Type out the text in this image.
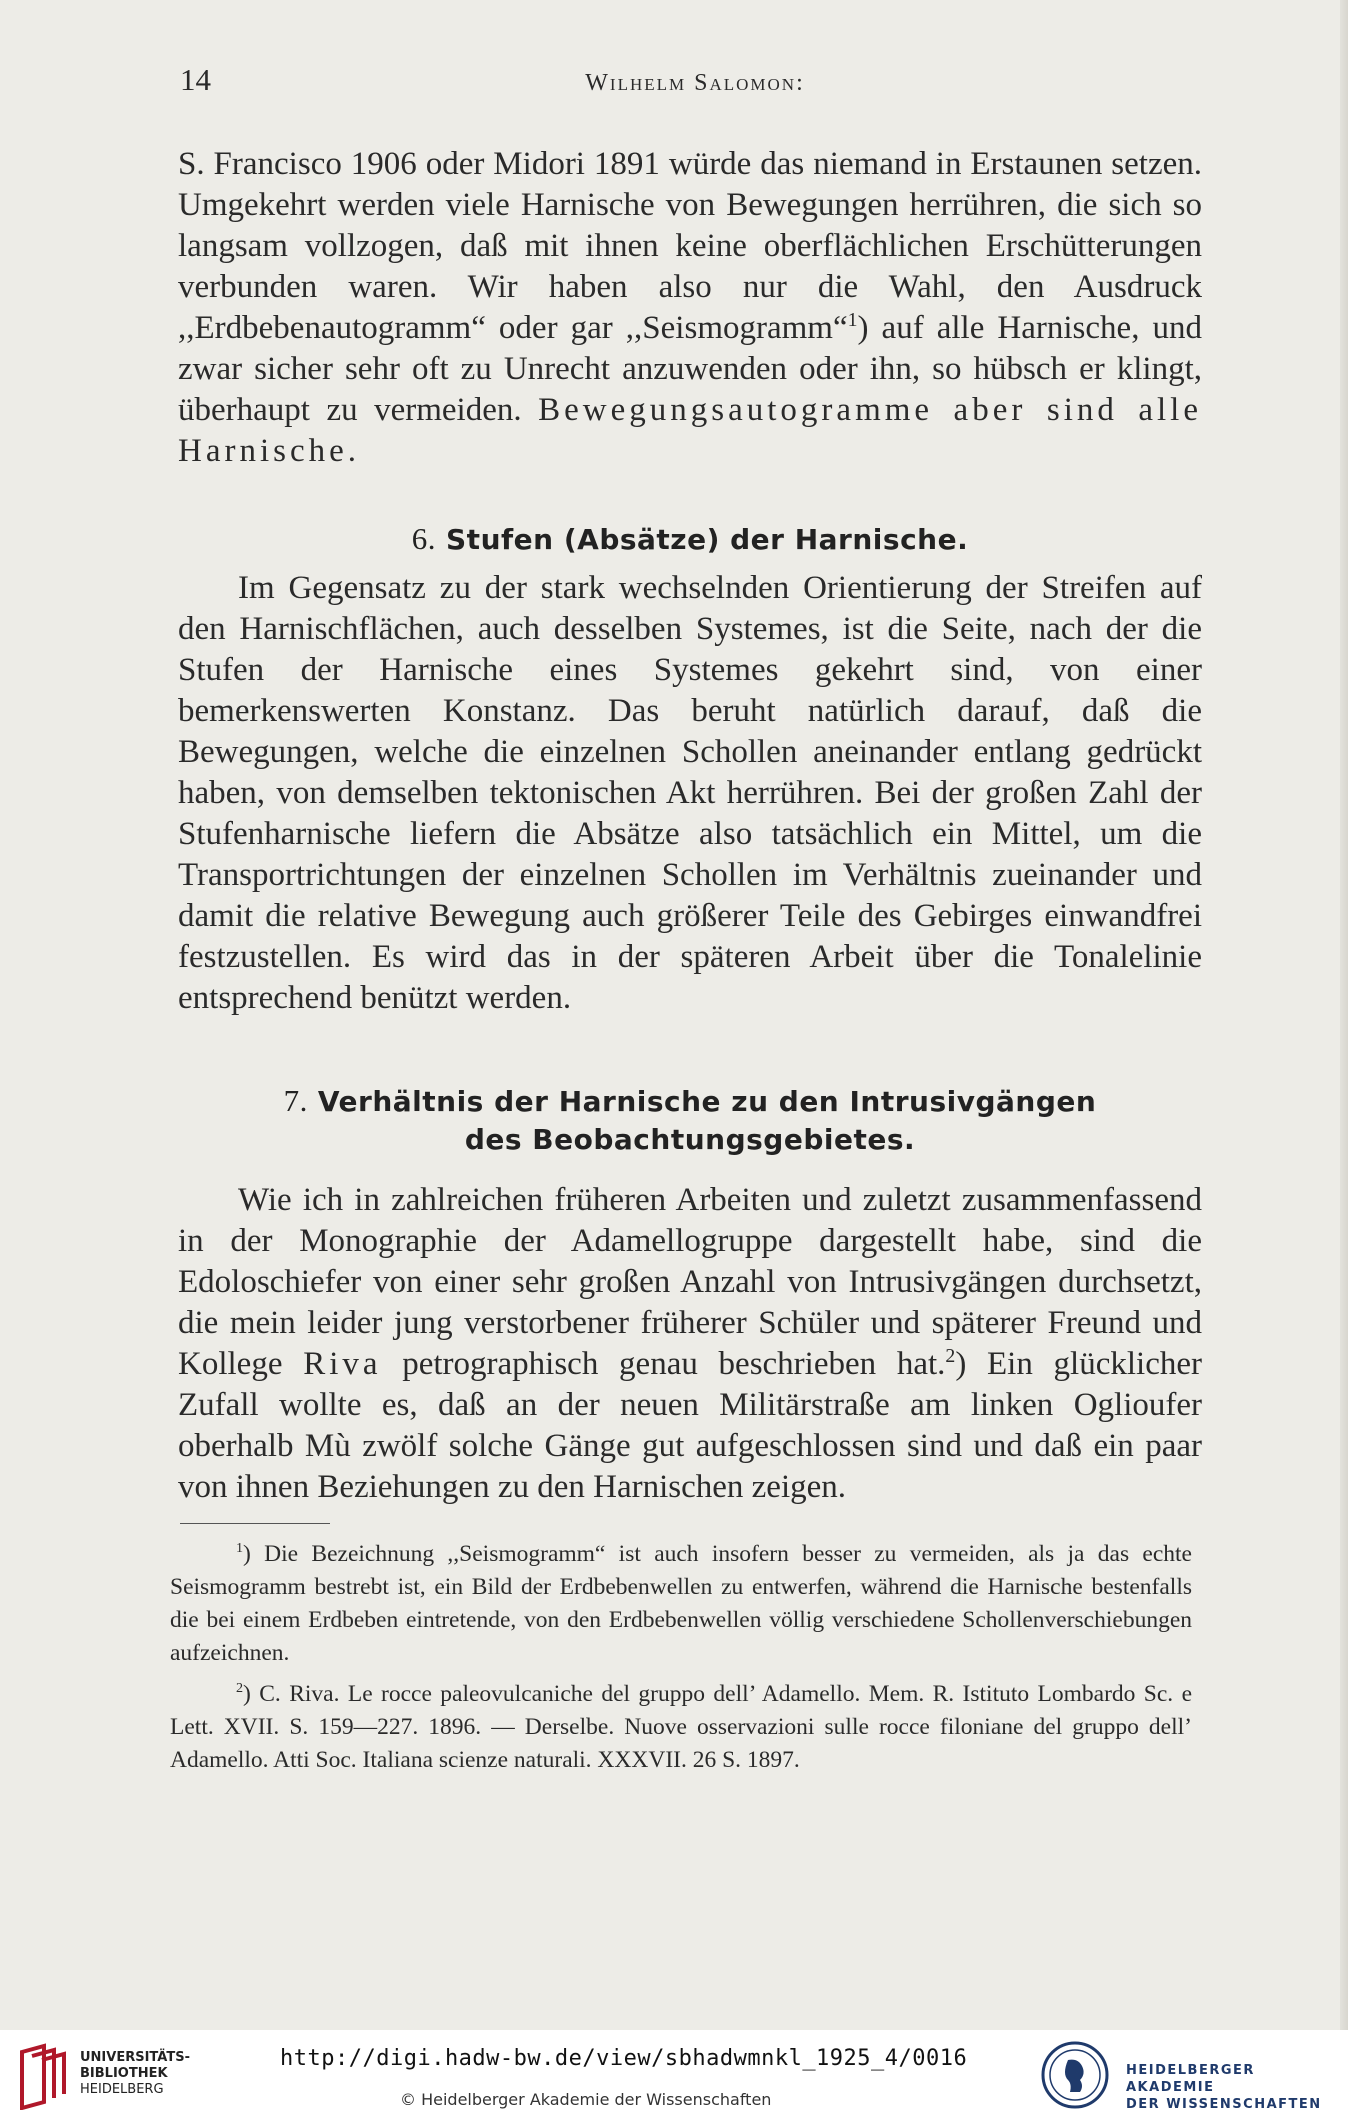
14	Wilhelm Salomon:
S. Francisco 1906 oder Midori 1891 würde das niemand in Erstaunen setzen. Umgekehrt werden viele Harnische von Bewegungen herrühren, die sich so langsam vollzogen, daß mit ihnen keine oberflächlichen Erschütterungen verbunden waren. Wir haben also nur die Wahl, den Ausdruck ,,Erdbebenautogramm“ oder gar ,,Seismogramm“$^1$) auf alle Harnische, und zwar sicher sehr oft zu Unrecht anzuwenden oder ihn, so hübsch er klingt, überhaupt zu vermeiden. Bewegungsautogramme aber sind alle Harnische.
6. Stufen (Absätze) der Harnische.
Im Gegensatz zu der stark wechselnden Orientierung der Streifen auf den Harnischflächen, auch desselben Systemes, ist die Seite, nach der die Stufen der Harnische eines Systemes gekehrt sind, von einer bemerkenswerten Konstanz. Das beruht natürlich darauf, daß die Bewegungen, welche die einzelnen Schollen aneinander entlang gedrückt haben, von demselben tektonischen Akt herrühren. Bei der großen Zahl der Stufenharnische liefern die Absätze also tatsächlich ein Mittel, um die Transportrichtungen der einzelnen Schollen im Verhältnis zueinander und damit die relative Bewegung auch größerer Teile des Gebirges einwandfrei festzustellen. Es wird das in der späteren Arbeit über die Tonalelinie entsprechend benützt werden.
7. Verhältnis der Harnische zu den Intrusivgängen
des Beobachtungsgebietes.
Wie ich in zahlreichen früheren Arbeiten und zuletzt zusammenfassend in der Monographie der Adamellogruppe dargestellt habe, sind die Edoloschiefer von einer sehr großen Anzahl von Intrusivgängen durchsetzt, die mein leider jung verstorbener früherer Schüler und späterer Freund und Kollege Riva petrographisch genau beschrieben hat.$^2$) Ein glücklicher Zufall wollte es, daß an der neuen Militärstraße am linken Oglioufer oberhalb Mù zwölf solche Gänge gut aufgeschlossen sind und daß ein paar von ihnen Beziehungen zu den Harnischen zeigen.

$^1$) Die Bezeichnung ,,Seismogramm“ ist auch insofern besser zu vermeiden, als ja das echte Seismogramm bestrebt ist, ein Bild der Erdbebenwellen zu entwerfen, während die Harnische bestenfalls die bei einem Erdbeben eintretende, von den Erdbebenwellen völlig verschiedene Schollenverschiebungen aufzeichnen.

$^2$) C. Riva. Le rocce paleovulcaniche del gruppo dell’ Adamello. Mem. R. Istituto Lombardo Sc. e Lett. XVII. S. 159—227. 1896. — Derselbe. Nuove osservazioni sulle rocce filoniane del gruppo dell’ Adamello. Atti Soc. Italiana scienze naturali. XXXVII. 26 S. 1897.

UNIVERSITÄTS-
BIBLIOTHEK
HEIDELBERG
http://digi.hadw-bw.de/view/sbhadwmnkl_1925_4/0016
© Heidelberger Akademie der Wissenschaften
HEIDELBERGER AKADEMIE
DER WISSENSCHAFTEN
